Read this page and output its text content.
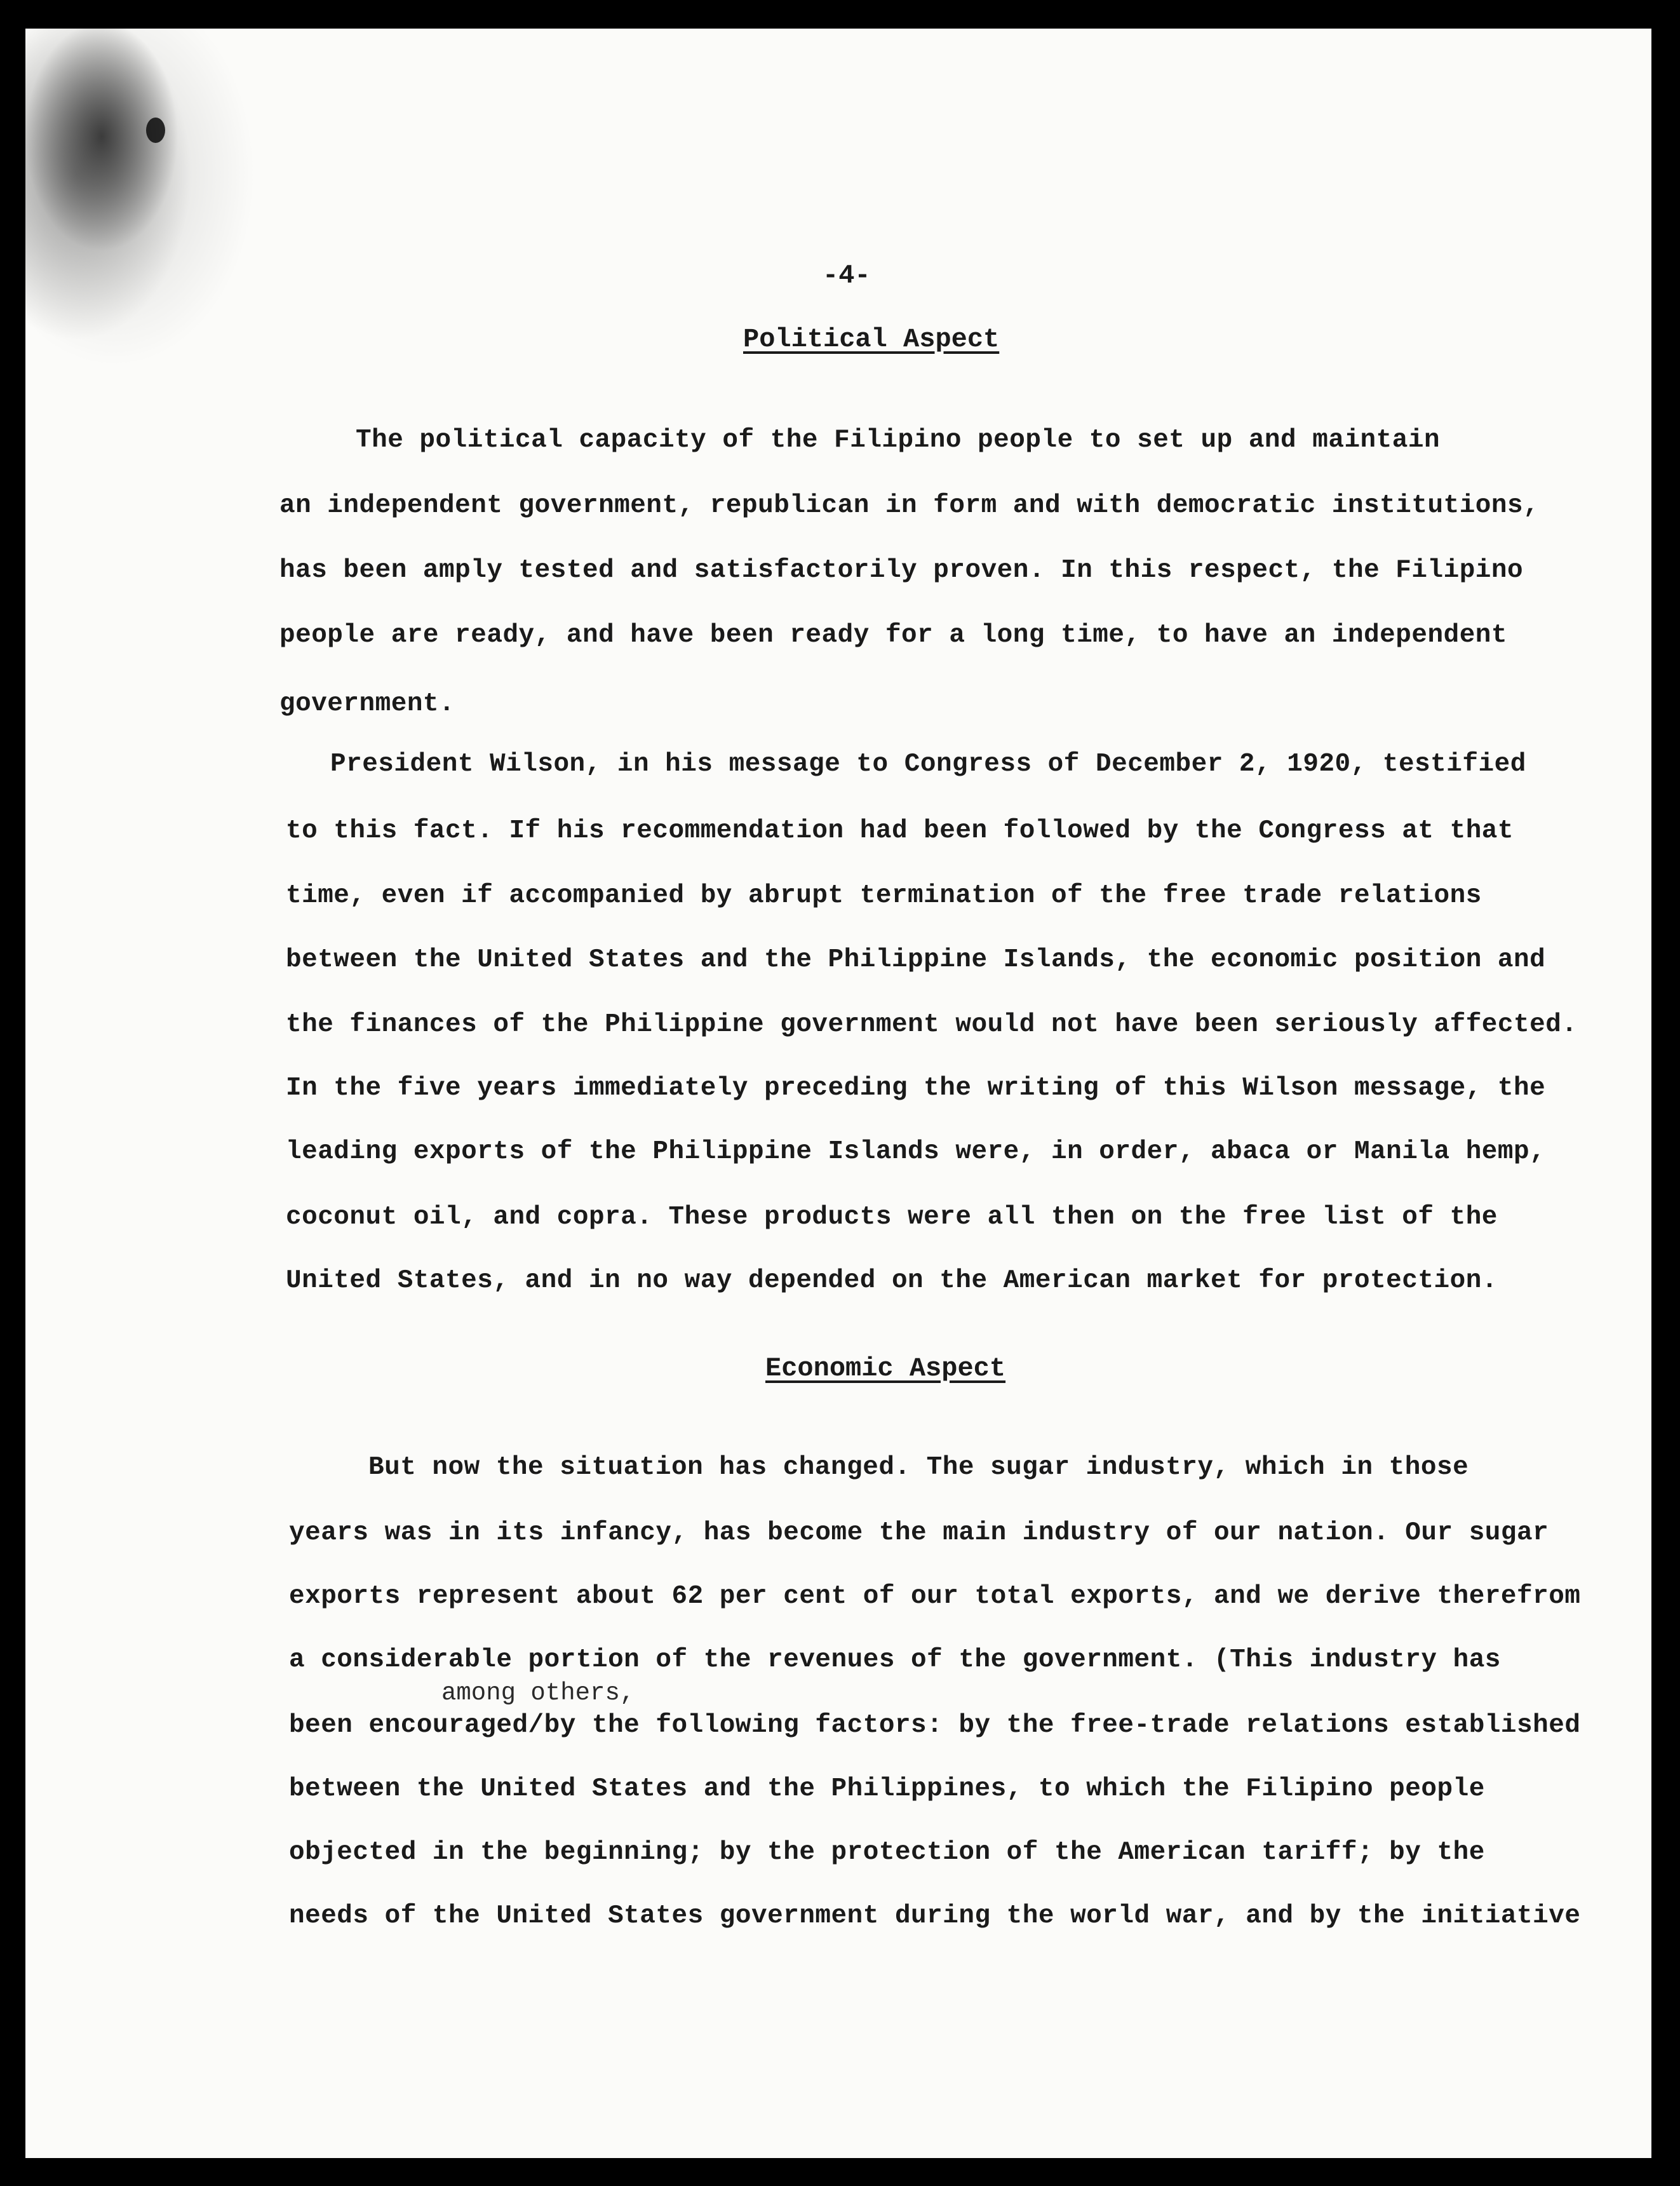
-4-
Political Aspect
The political capacity of the Filipino people to set up and maintain
an independent government, republican in form and with democratic institutions,
has been amply tested and satisfactorily proven. In this respect, the Filipino
people are ready, and have been ready for a long time, to have an independent
government.
President Wilson, in his message to Congress of December 2, 1920, testified
to this fact. If his recommendation had been followed by the Congress at that
time, even if accompanied by abrupt termination of the free trade relations
between the United States and the Philippine Islands, the economic position and
the finances of the Philippine government would not have been seriously affected.
In the five years immediately preceding the writing of this Wilson message, the
leading exports of the Philippine Islands were, in order, abaca or Manila hemp,
coconut oil, and copra. These products were all then on the free list of the
United States, and in no way depended on the American market for protection.
Economic Aspect
But now the situation has changed. The sugar industry, which in those
years was in its infancy, has become the main industry of our nation. Our sugar
exports represent about 62 per cent of our total exports, and we derive therefrom
a considerable portion of the revenues of the government. (This industry has
among others,
been encouraged/by the following factors: by the free-trade relations established
between the United States and the Philippines, to which the Filipino people
objected in the beginning; by the protection of the American tariff; by the
needs of the United States government during the world war, and by the initiative
